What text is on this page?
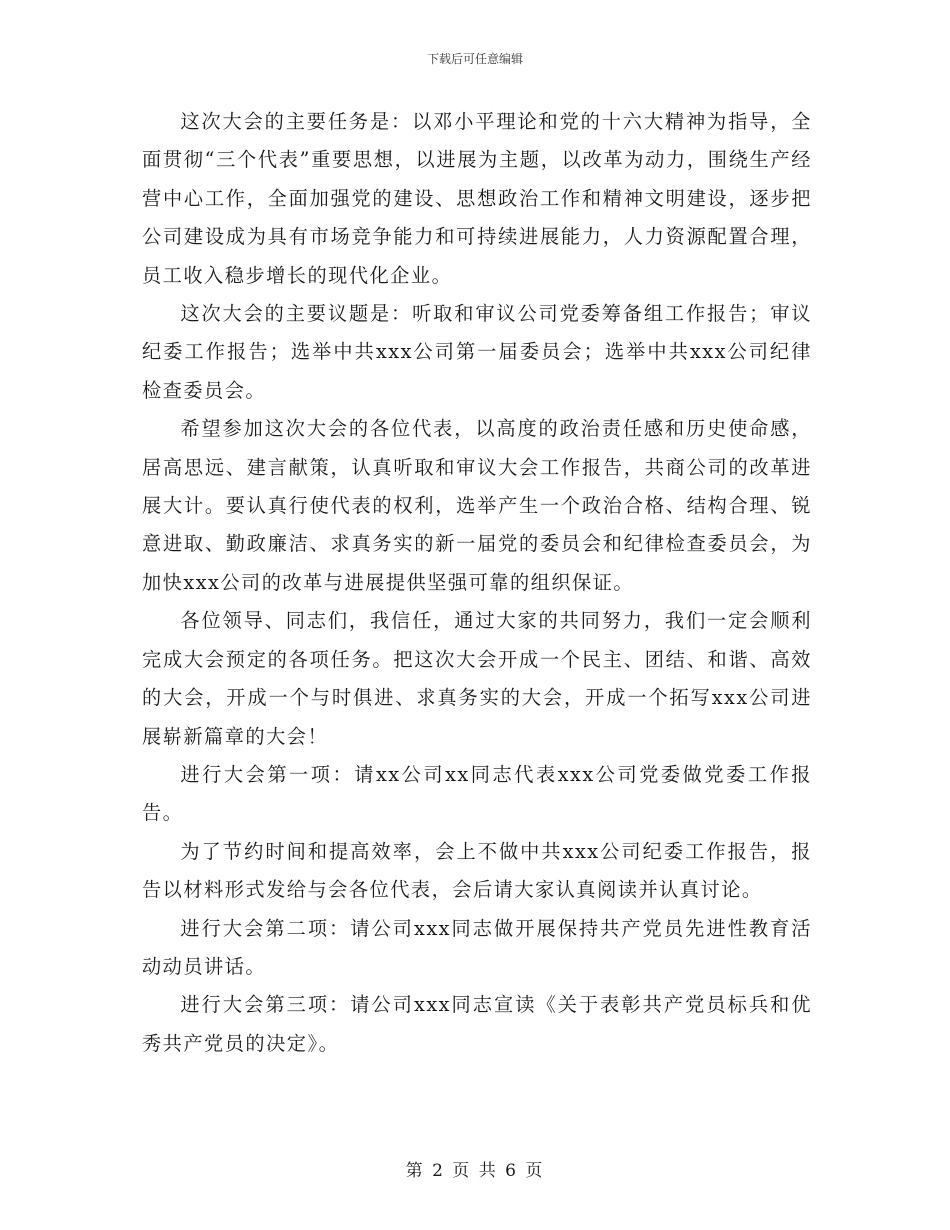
下载后可任意编辑

这次大会的主要任务是：以邓小平理论和党的十六大精神为指导，全面贯彻“三个代表”重要思想，以进展为主题，以改革为动力，围绕生产经营中心工作，全面加强党的建设、思想政治工作和精神文明建设，逐步把公司建设成为具有市场竞争能力和可持续进展能力，人力资源配置合理，员工收入稳步增长的现代化企业。

这次大会的主要议题是：听取和审议公司党委筹备组工作报告；审议纪委工作报告；选举中共xxx公司第一届委员会；选举中共xxx公司纪律检查委员会。

希望参加这次大会的各位代表，以高度的政治责任感和历史使命感，居高思远、建言献策，认真听取和审议大会工作报告，共商公司的改革进展大计。要认真行使代表的权利，选举产生一个政治合格、结构合理、锐意进取、勤政廉洁、求真务实的新一届党的委员会和纪律检查委员会，为加快xxx公司的改革与进展提供坚强可靠的组织保证。

各位领导、同志们，我信任，通过大家的共同努力，我们一定会顺利完成大会预定的各项任务。把这次大会开成一个民主、团结、和谐、高效的大会，开成一个与时俱进、求真务实的大会，开成一个拓写xxx公司进展崭新篇章的大会！

进行大会第一项：请xx公司xx同志代表xxx公司党委做党委工作报告。

为了节约时间和提高效率，会上不做中共xxx公司纪委工作报告，报告以材料形式发给与会各位代表，会后请大家认真阅读并认真讨论。

进行大会第二项：请公司xxx同志做开展保持共产党员先进性教育活动动员讲话。

进行大会第三项：请公司xxx同志宣读《关于表彰共产党员标兵和优秀共产党员的决定》。

第 2 页 共 6 页
